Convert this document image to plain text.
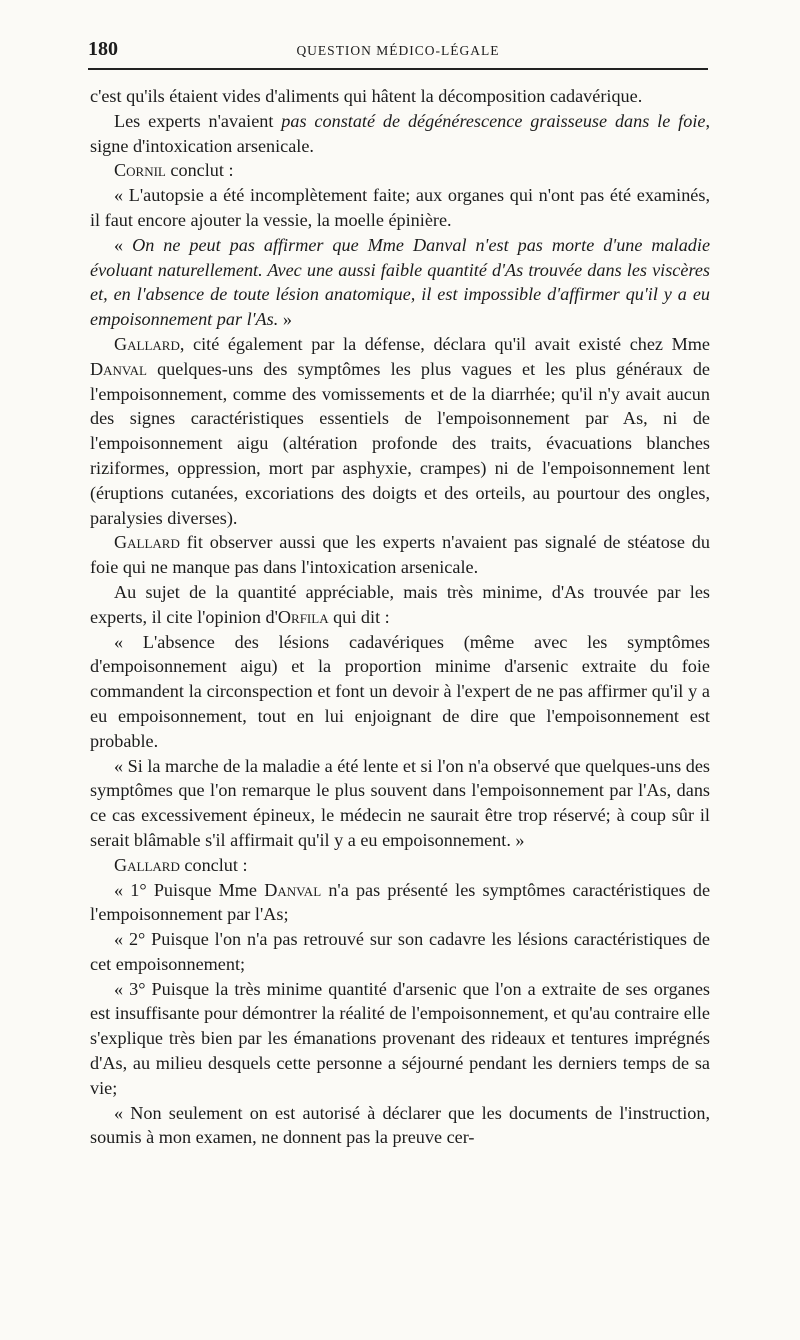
180	QUESTION MÉDICO-LÉGALE

c'est qu'ils étaient vides d'aliments qui hâtent la décomposition cadavérique.

Les experts n'avaient pas constaté de dégénérescence graisseuse dans le foie, signe d'intoxication arsenicale.

Cornil conclut :

« L'autopsie a été incomplètement faite; aux organes qui n'ont pas été examinés, il faut encore ajouter la vessie, la moelle épinière.

« On ne peut pas affirmer que Mme Danval n'est pas morte d'une maladie évoluant naturellement. Avec une aussi faible quantité d'As trouvée dans les viscères et, en l'absence de toute lésion anatomique, il est impossible d'affirmer qu'il y a eu empoisonnement par l'As. »

Gallard, cité également par la défense, déclara qu'il avait existé chez Mme Danval quelques-uns des symptômes les plus vagues et les plus généraux de l'empoisonnement, comme des vomissements et de la diarrhée; qu'il n'y avait aucun des signes caractéristiques essentiels de l'empoisonnement par As, ni de l'empoisonnement aigu (altération profonde des traits, évacuations blanches riziformes, oppression, mort par asphyxie, crampes) ni de l'empoisonnement lent (éruptions cutanées, excoriations des doigts et des orteils, au pourtour des ongles, paralysies diverses).

Gallard fit observer aussi que les experts n'avaient pas signalé de stéatose du foie qui ne manque pas dans l'intoxication arsenicale.

Au sujet de la quantité appréciable, mais très minime, d'As trouvée par les experts, il cite l'opinion d'Orfila qui dit :

« L'absence des lésions cadavériques (même avec les symptômes d'empoisonnement aigu) et la proportion minime d'arsenic extraite du foie commandent la circonspection et font un devoir à l'expert de ne pas affirmer qu'il y a eu empoisonnement, tout en lui enjoignant de dire que l'empoisonnement est probable.

« Si la marche de la maladie a été lente et si l'on n'a observé que quelques-uns des symptômes que l'on remarque le plus souvent dans l'empoisonnement par l'As, dans ce cas excessivement épineux, le médecin ne saurait être trop réservé; à coup sûr il serait blâmable s'il affirmait qu'il y a eu empoisonnement. »

Gallard conclut :

« 1° Puisque Mme Danval n'a pas présenté les symptômes caractéristiques de l'empoisonnement par l'As;

« 2° Puisque l'on n'a pas retrouvé sur son cadavre les lésions caractéristiques de cet empoisonnement;

« 3° Puisque la très minime quantité d'arsenic que l'on a extraite de ses organes est insuffisante pour démontrer la réalité de l'empoisonnement, et qu'au contraire elle s'explique très bien par les émanations provenant des rideaux et tentures imprégnés d'As, au milieu desquels cette personne a séjourné pendant les derniers temps de sa vie;

« Non seulement on est autorisé à déclarer que les documents de l'instruction, soumis à mon examen, ne donnent pas la preuve cer-
